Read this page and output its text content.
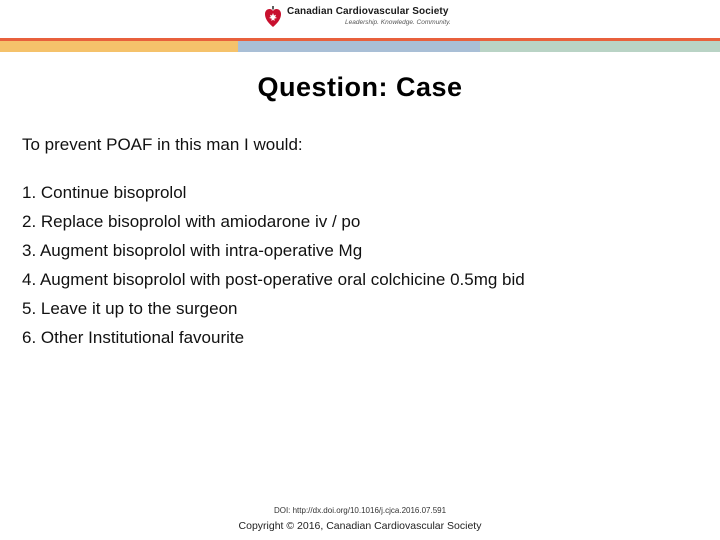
Canadian Cardiovascular Society
Leadership. Knowledge. Community.
Question: Case
To prevent POAF in this man I would:
1. Continue bisoprolol
2. Replace bisoprolol with amiodarone iv / po
3. Augment bisoprolol with intra-operative Mg
4. Augment bisoprolol with post-operative oral colchicine 0.5mg bid
5. Leave it up to the surgeon
6. Other Institutional favourite
DOI: http://dx.doi.org/10.1016/j.cjca.2016.07.591
Copyright © 2016, Canadian Cardiovascular Society
